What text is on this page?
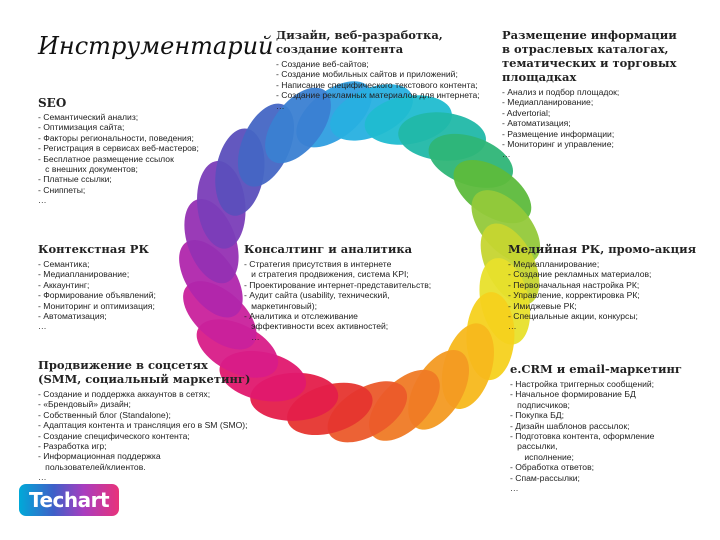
Инструментарий
SEO
- Семантический анализ;
- Оптимизация сайта;
- Факторы региональности, поведения;
- Регистрация в сервисах веб-мастеров;
- Бесплатное размещение ссылок
с внешних документов;
- Платные ссылки;
- Сниппеты;
…
Дизайн, веб-разработка,
создание контента
- Создание веб-сайтов;
- Создание мобильных сайтов и приложений;
- Написание специфического текстового контента;
- Создание рекламных материалов для интернета;
…
Размещение информации
в отраслевых каталогах,
тематических и торговых
площадках
- Анализ и подбор площадок;
- Медиапланирование;
- Advertorial;
- Автоматизация;
- Размещение информации;
- Мониторинг и управление;
…
Контекстная РК
- Семантика;
- Медиапланирование;
- Аккаунтинг;
- Формирование объявлений;
- Мониторинг и оптимизация;
- Автоматизация;
…
Консалтинг и аналитика
- Стратегия присутствия в интернете
и стратегия продвижения, система KPI;
- Проектирование интернет-представительств;
- Аудит сайта (usability, технический,
маркетинговый);
- Аналитика и отслеживание
эффективности всех активностей;
…
Медийная РК, промо-акция
- Медиапланирование;
- Создание рекламных материалов;
- Первоначальная настройка РК;
- Управление, корректировка РК;
- Имиджевые РК;
- Специальные акции, конкурсы;
…
Продвижение в соцсетях
(SMM, социальный маркетинг)
- Создание и поддержка аккаунтов в сетях;
- «Брендовый» дизайн;
- Собственный блог (Standalone);
- Адаптация контента и трансляция его в SM (SMO);
- Создание специфического контента;
- Разработка игр;
- Информационная поддержка
пользователей/клиентов.
…
e.CRM и email-маркетинг
- Настройка триггерных сообщений;
- Начальное формирование БД
подписчиков;
- Покупка БД;
- Дизайн шаблонов рассылок;
- Подготовка контента, оформление
рассылки,
исполнение;
- Обработка ответов;
- Спам-рассылки;
…
Techart
